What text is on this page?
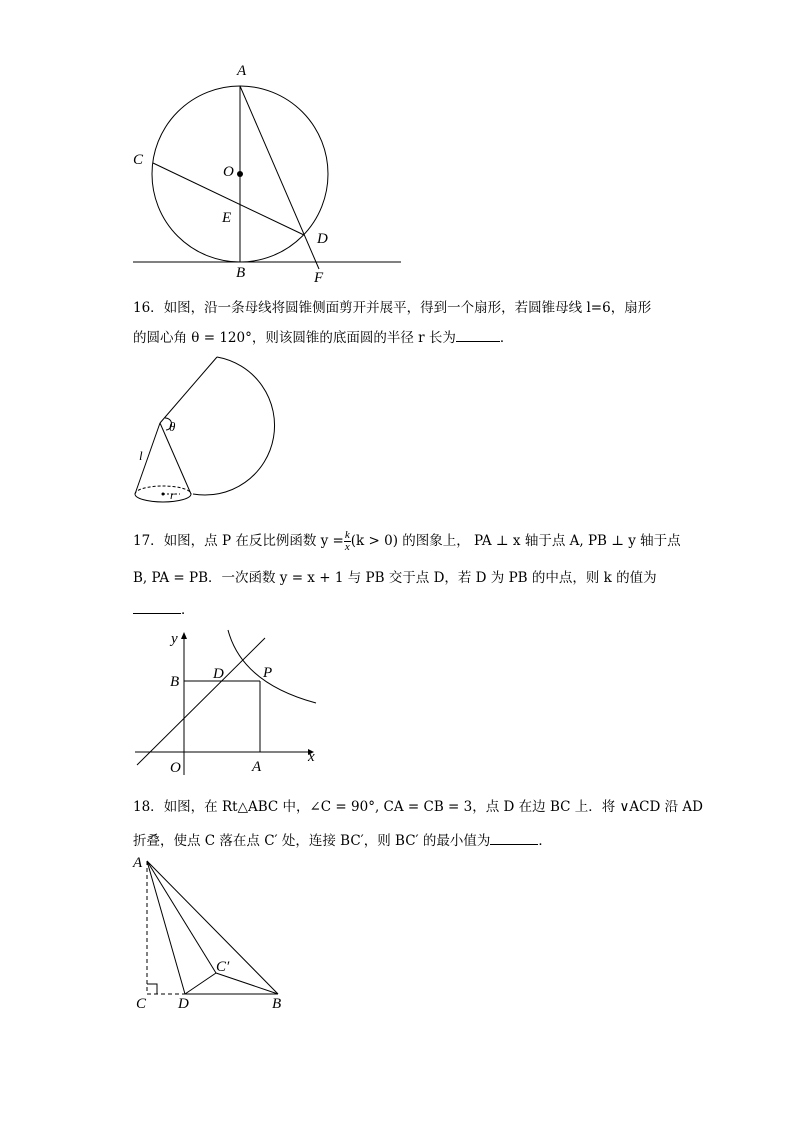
A
C
O
E
D
B	F
16．如图，沿一条母线将圆锥侧面剪开并展平，得到一个扇形，若圆锥母线 l=6，扇形
的圆心角 θ = 120°，则该圆锥的底面圆的半径 r 长为	．
θ
l
r
17．如图，点 P 在反比例函数 $y = \frac{k}{x} (k > 0)$ 的图象上， PA ⊥ x 轴于点 A, PB ⊥ y 轴于点
B, PA = PB．一次函数 y = x + 1 与 PB 交于点 D，若 D 为 PB 的中点，则 k 的值为
．
y
x
B D	P
O	A
18．如图，在 Rt△ABC 中，∠C = 90°, CA = CB = 3，点 D 在边 BC 上．将 ∨ACD 沿 AD
折叠，使点 C 落在点 C′ 处，连接 BC′，则 BC′ 的最小值为	．
A
C D	B
C′
